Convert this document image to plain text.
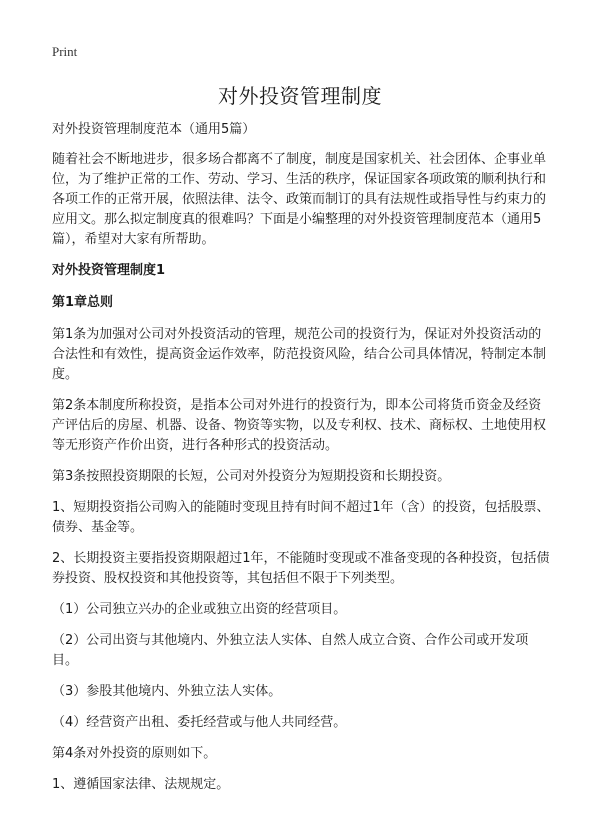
Print
对外投资管理制度

对外投资管理制度范本（通用5篇）

随着社会不断地进步，很多场合都离不了制度，制度是国家机关、社会团体、企事业单位，为了维护正常的工作、劳动、学习、生活的秩序，保证国家各项政策的顺利执行和各项工作的正常开展，依照法律、法令、政策而制订的具有法规性或指导性与约束力的应用文。那么拟定制度真的很难吗？下面是小编整理的对外投资管理制度范本（通用5篇），希望对大家有所帮助。

对外投资管理制度1

第1章总则

第1条为加强对公司对外投资活动的管理，规范公司的投资行为，保证对外投资活动的合法性和有效性，提高资金运作效率，防范投资风险，结合公司具体情况，特制定本制度。

第2条本制度所称投资，是指本公司对外进行的投资行为，即本公司将货币资金及经资产评估后的房屋、机器、设备、物资等实物，以及专利权、技术、商标权、土地使用权等无形资产作价出资，进行各种形式的投资活动。

第3条按照投资期限的长短，公司对外投资分为短期投资和长期投资。

1、短期投资指公司购入的能随时变现且持有时间不超过1年（含）的投资，包括股票、债券、基金等。

2、长期投资主要指投资期限超过1年，不能随时变现或不准备变现的各种投资，包括债券投资、股权投资和其他投资等，其包括但不限于下列类型。

（1）公司独立兴办的企业或独立出资的经营项目。

（2）公司出资与其他境内、外独立法人实体、自然人成立合资、合作公司或开发项目。

（3）参股其他境内、外独立法人实体。

（4）经营资产出租、委托经营或与他人共同经营。

第4条对外投资的原则如下。

1、遵循国家法律、法规规定。
